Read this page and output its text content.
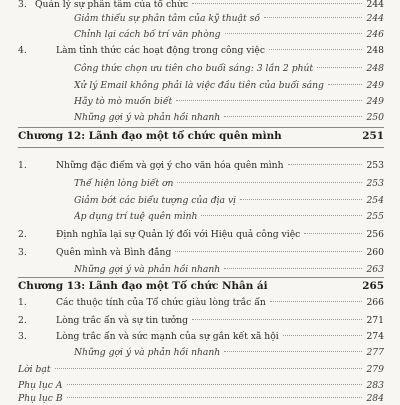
3. Quản lý sự phân tâm của tổ chức	244
Giảm thiểu sự phân tâm của kỹ thuật số	244
Chỉnh lại cách bố trí văn phòng	246
4.	Làm tỉnh thức các hoạt động trong công việc	248
Công thức chọn ưu tiên cho buổi sáng: 3 lần 2 phút	248
Xử lý Email không phải là việc đầu tiên của buổi sáng	249
Hãy tò mò muốn biết	249
Những gợi ý và phản hồi nhanh	250
Chương 12: Lãnh đạo một tổ chức quên mình	251
1.	Những đặc điểm và gợi ý cho văn hóa quên mình	253
Thể hiện lòng biết ơn	253
Giảm bớt các biểu tượng của địa vị	254
Áp dụng trí tuệ quên mình	255
2.	Định nghĩa lại sự Quản lý đối với Hiệu quả công việc	256
3.	Quên mình và Bình đẳng	260
Những gợi ý và phản hồi nhanh	263
Chương 13: Lãnh đạo một Tổ chức Nhân ái	265
1.	Các thuộc tính của Tổ chức giàu lòng trắc ẩn	266
2.	Lòng trắc ẩn và sự tin tưởng	271
3.	Lòng trắc ẩn và sức mạnh của sự gắn kết xã hội	274
Những gợi ý và phản hồi nhanh	277
Lời bạt	279
Phụ lục A	283
Phụ lục B	284
